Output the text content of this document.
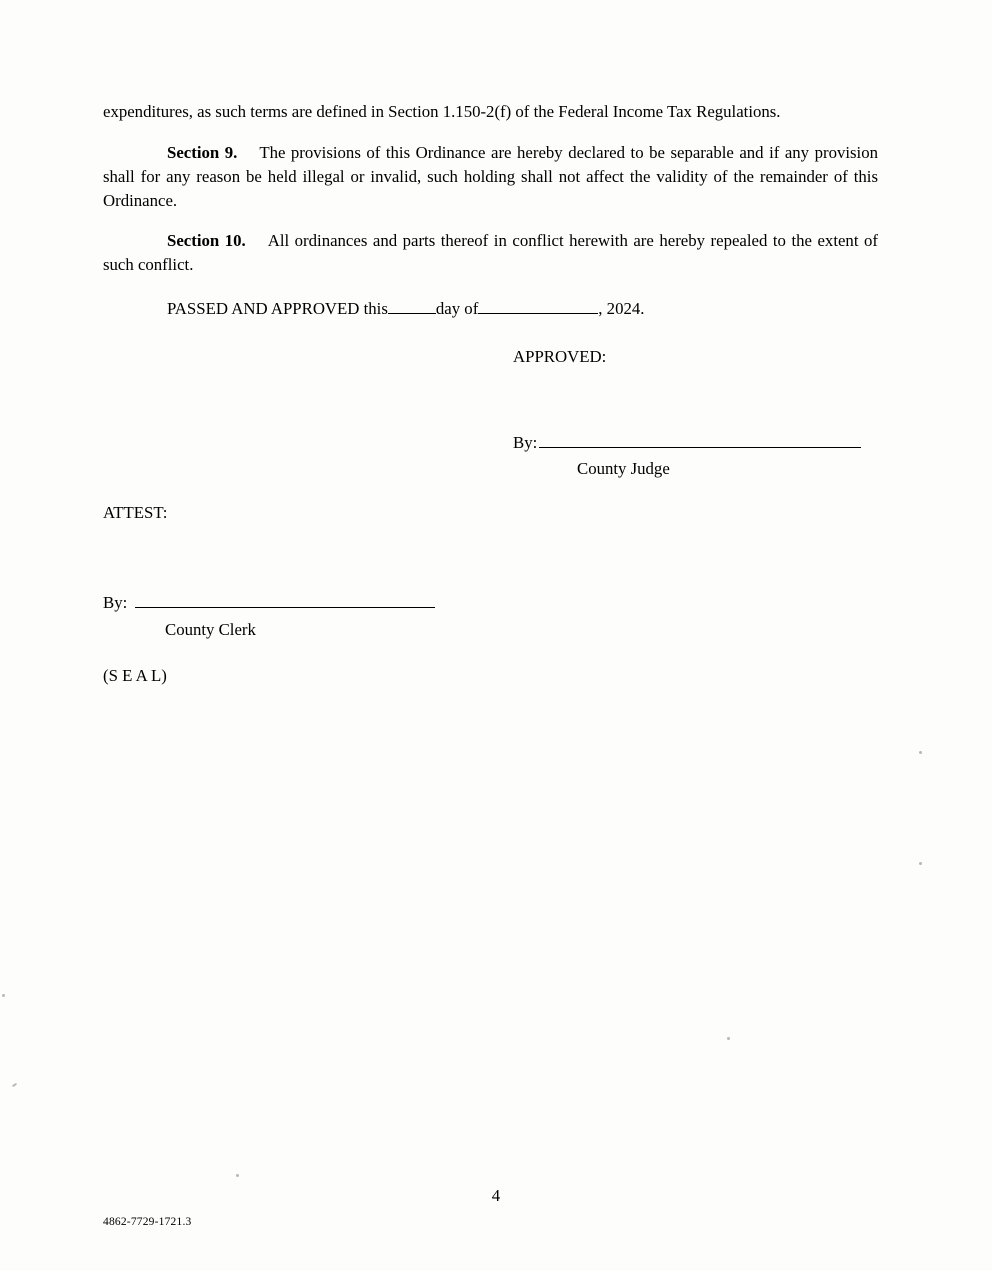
expenditures, as such terms are defined in Section 1.150-2(f) of the Federal Income Tax Regulations.

Section 9. The provisions of this Ordinance are hereby declared to be separable and if any provision shall for any reason be held illegal or invalid, such holding shall not affect the validity of the remainder of this Ordinance.

Section 10. All ordinances and parts thereof in conflict herewith are hereby repealed to the extent of such conflict.

PASSED AND APPROVED this	day of	, 2024.

APPROVED:

By:

County Judge

ATTEST:

By:

County Clerk

(S E A L)

4
4862-7729-1721.3
